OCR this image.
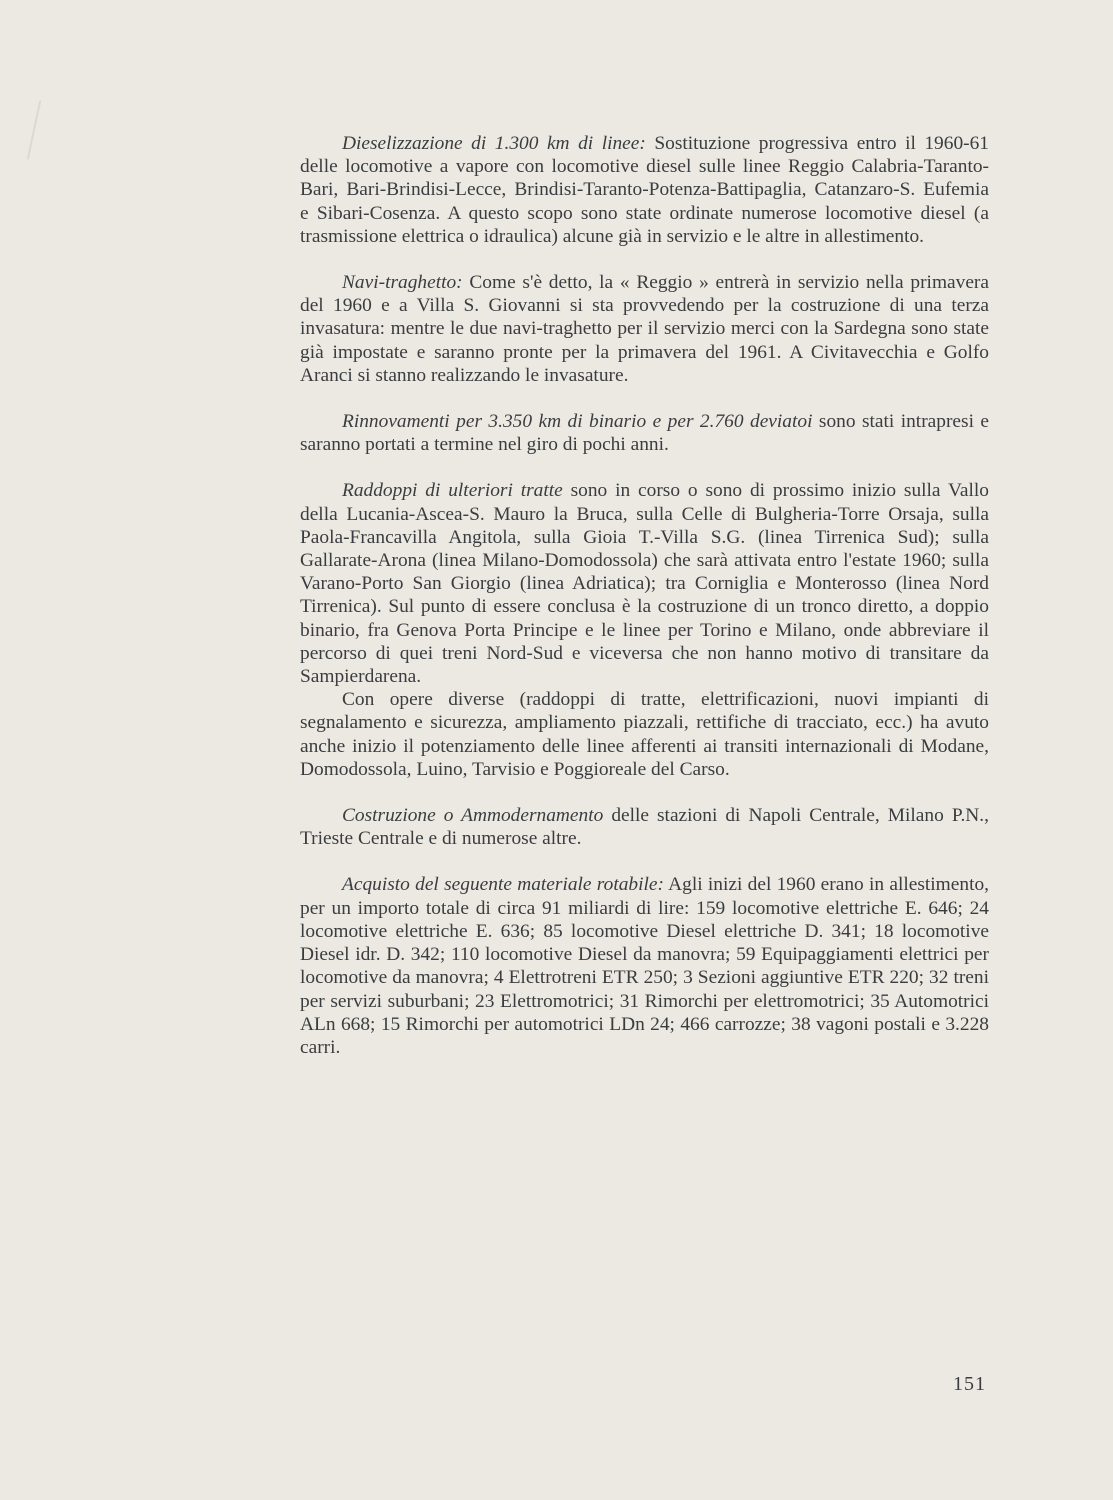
Dieselizzazione di 1.300 km di linee: Sostituzione progressiva entro il 1960-61 delle locomotive a vapore con locomotive diesel sulle linee Reggio Calabria-Taranto-Bari, Bari-Brindisi-Lecce, Brindisi-Taranto-Potenza-Battipaglia, Catanzaro-S. Eufemia e Sibari-Cosenza. A questo scopo sono state ordinate numerose locomotive diesel (a trasmissione elettrica o idraulica) alcune già in servizio e le altre in allestimento.

Navi-traghetto: Come s'è detto, la « Reggio » entrerà in servizio nella primavera del 1960 e a Villa S. Giovanni si sta provvedendo per la costruzione di una terza invasatura: mentre le due navi-traghetto per il servizio merci con la Sardegna sono state già impostate e saranno pronte per la primavera del 1961. A Civitavecchia e Golfo Aranci si stanno realizzando le invasature.

Rinnovamenti per 3.350 km di binario e per 2.760 deviatoi sono stati intrapresi e saranno portati a termine nel giro di pochi anni.

Raddoppi di ulteriori tratte sono in corso o sono di prossimo inizio sulla Vallo della Lucania-Ascea-S. Mauro la Bruca, sulla Celle di Bulgheria-Torre Orsaja, sulla Paola-Francavilla Angitola, sulla Gioia T.-Villa S.G. (linea Tirrenica Sud); sulla Gallarate-Arona (linea Milano-Domodossola) che sarà attivata entro l'estate 1960; sulla Varano-Porto San Giorgio (linea Adriatica); tra Corniglia e Monterosso (linea Nord Tirrenica). Sul punto di essere conclusa è la costruzione di un tronco diretto, a doppio binario, fra Genova Porta Principe e le linee per Torino e Milano, onde abbreviare il percorso di quei treni Nord-Sud e viceversa che non hanno motivo di transitare da Sampierdarena.

Con opere diverse (raddoppi di tratte, elettrificazioni, nuovi impianti di segnalamento e sicurezza, ampliamento piazzali, rettifiche di tracciato, ecc.) ha avuto anche inizio il potenziamento delle linee afferenti ai transiti internazionali di Modane, Domodossola, Luino, Tarvisio e Poggioreale del Carso.

Costruzione o Ammodernamento delle stazioni di Napoli Centrale, Milano P.N., Trieste Centrale e di numerose altre.

Acquisto del seguente materiale rotabile: Agli inizi del 1960 erano in allestimento, per un importo totale di circa 91 miliardi di lire: 159 locomotive elettriche E. 646; 24 locomotive elettriche E. 636; 85 locomotive Diesel elettriche D. 341; 18 locomotive Diesel idr. D. 342; 110 locomotive Diesel da manovra; 59 Equipaggiamenti elettrici per locomotive da manovra; 4 Elettrotreni ETR 250; 3 Sezioni aggiuntive ETR 220; 32 treni per servizi suburbani; 23 Elettromotrici; 31 Rimorchi per elettromotrici; 35 Automotrici ALn 668; 15 Rimorchi per automotrici LDn 24; 466 carrozze; 38 vagoni postali e 3.228 carri.

151
